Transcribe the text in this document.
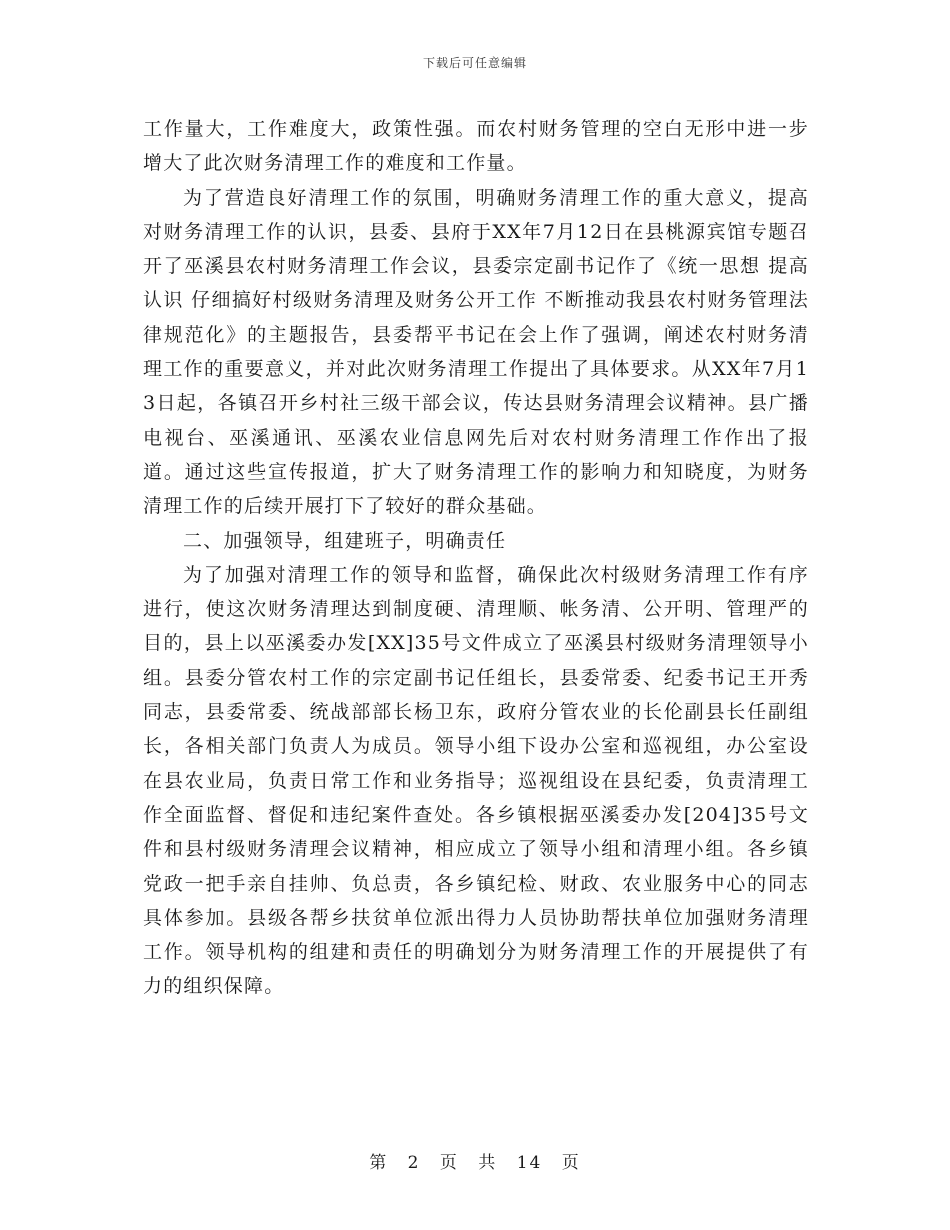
下载后可任意编辑

工作量大，工作难度大，政策性强。而农村财务管理的空白无形中进一步增大了此次财务清理工作的难度和工作量。

为了营造良好清理工作的氛围，明确财务清理工作的重大意义，提高对财务清理工作的认识，县委、县府于XX年7月12日在县桃源宾馆专题召开了巫溪县农村财务清理工作会议，县委宗定副书记作了《统一思想 提高认识 仔细搞好村级财务清理及财务公开工作 不断推动我县农村财务管理法律规范化》的主题报告，县委帮平书记在会上作了强调，阐述农村财务清理工作的重要意义，并对此次财务清理工作提出了具体要求。从XX年7月13日起，各镇召开乡村社三级干部会议，传达县财务清理会议精神。县广播电视台、巫溪通讯、巫溪农业信息网先后对农村财务清理工作作出了报道。通过这些宣传报道，扩大了财务清理工作的影响力和知晓度，为财务清理工作的后续开展打下了较好的群众基础。

二、加强领导，组建班子，明确责任

为了加强对清理工作的领导和监督，确保此次村级财务清理工作有序进行，使这次财务清理达到制度硬、清理顺、帐务清、公开明、管理严的目的，县上以巫溪委办发[XX]35号文件成立了巫溪县村级财务清理领导小组。县委分管农村工作的宗定副书记任组长，县委常委、纪委书记王开秀同志，县委常委、统战部部长杨卫东，政府分管农业的长伦副县长任副组长，各相关部门负责人为成员。领导小组下设办公室和巡视组，办公室设在县农业局，负责日常工作和业务指导；巡视组设在县纪委，负责清理工作全面监督、督促和违纪案件查处。各乡镇根据巫溪委办发[204]35号文件和县村级财务清理会议精神，相应成立了领导小组和清理小组。各乡镇党政一把手亲自挂帅、负总责，各乡镇纪检、财政、农业服务中心的同志具体参加。县级各帮乡扶贫单位派出得力人员协助帮扶单位加强财务清理工作。领导机构的组建和责任的明确划分为财务清理工作的开展提供了有力的组织保障。

第 2 页 共 14 页
